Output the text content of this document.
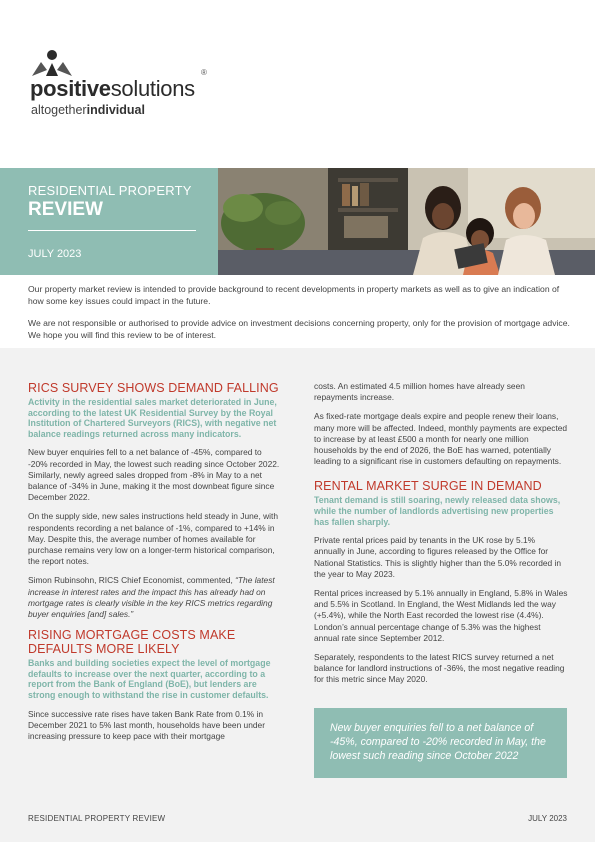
positivesolutions
®
altogetherindividual
RESIDENTIAL PROPERTY
REVIEW
JULY 2023
Our property market review is intended to provide background to recent developments in property markets as well as to give an indication of how some key issues could impact in the future.
We are not responsible or authorised to provide advice on investment decisions concerning property, only for the provision of mortgage advice. We hope you will find this review to be of interest.
RICS SURVEY SHOWS DEMAND FALLING
Activity in the residential sales market deteriorated in June, according to the latest UK Residential Survey by the Royal Institution of Chartered Surveyors (RICS), with negative net balance readings returned across many indicators.

New buyer enquiries fell to a net balance of -45%, compared to -20% recorded in May, the lowest such reading since October 2022. Similarly, newly agreed sales dropped from -8% in May to a net balance of -34% in June, making it the most downbeat figure since December 2022.

On the supply side, new sales instructions held steady in June, with respondents recording a net balance of -1%, compared to +14% in May. Despite this, the average number of homes available for purchase remains very low on a longer-term historical comparison, the report notes.

Simon Rubinsohn, RICS Chief Economist, commented, “The latest increase in interest rates and the impact this has already had on mortgage rates is clearly visible in the key RICS metrics regarding buyer enquiries [and] sales.”

RISING MORTGAGE COSTS MAKE DEFAULTS MORE LIKELY
Banks and building societies expect the level of mortgage defaults to increase over the next quarter, according to a report from the Bank of England (BoE), but lenders are strong enough to withstand the rise in customer defaults.

Since successive rate rises have taken Bank Rate from 0.1% in December 2021 to 5% last month, households have been under increasing pressure to keep pace with their mortgage

costs. An estimated 4.5 million homes have already seen repayments increase.

As fixed-rate mortgage deals expire and people renew their loans, many more will be affected. Indeed, monthly payments are expected to increase by at least £500 a month for nearly one million households by the end of 2026, the BoE has warned, potentially leading to a significant rise in customers defaulting on repayments.

RENTAL MARKET SURGE IN DEMAND
Tenant demand is still soaring, newly released data shows, while the number of landlords advertising new properties has fallen sharply.

Private rental prices paid by tenants in the UK rose by 5.1% annually in June, according to figures released by the Office for National Statistics. This is slightly higher than the 5.0% recorded in the year to May 2023.

Rental prices increased by 5.1% annually in England, 5.8% in Wales and 5.5% in Scotland. In England, the West Midlands led the way (+5.4%), while the North East recorded the lowest rise (4.4%). London’s annual percentage change of 5.3% was the highest annual rate since September 2012.

Separately, respondents to the latest RICS survey returned a net balance for landlord instructions of -36%, the most negative reading for this metric since May 2020.

New buyer enquiries fell to a net balance of -45%, compared to -20% recorded in May, the lowest such reading since October 2022
RESIDENTIAL PROPERTY REVIEW	JULY 2023
